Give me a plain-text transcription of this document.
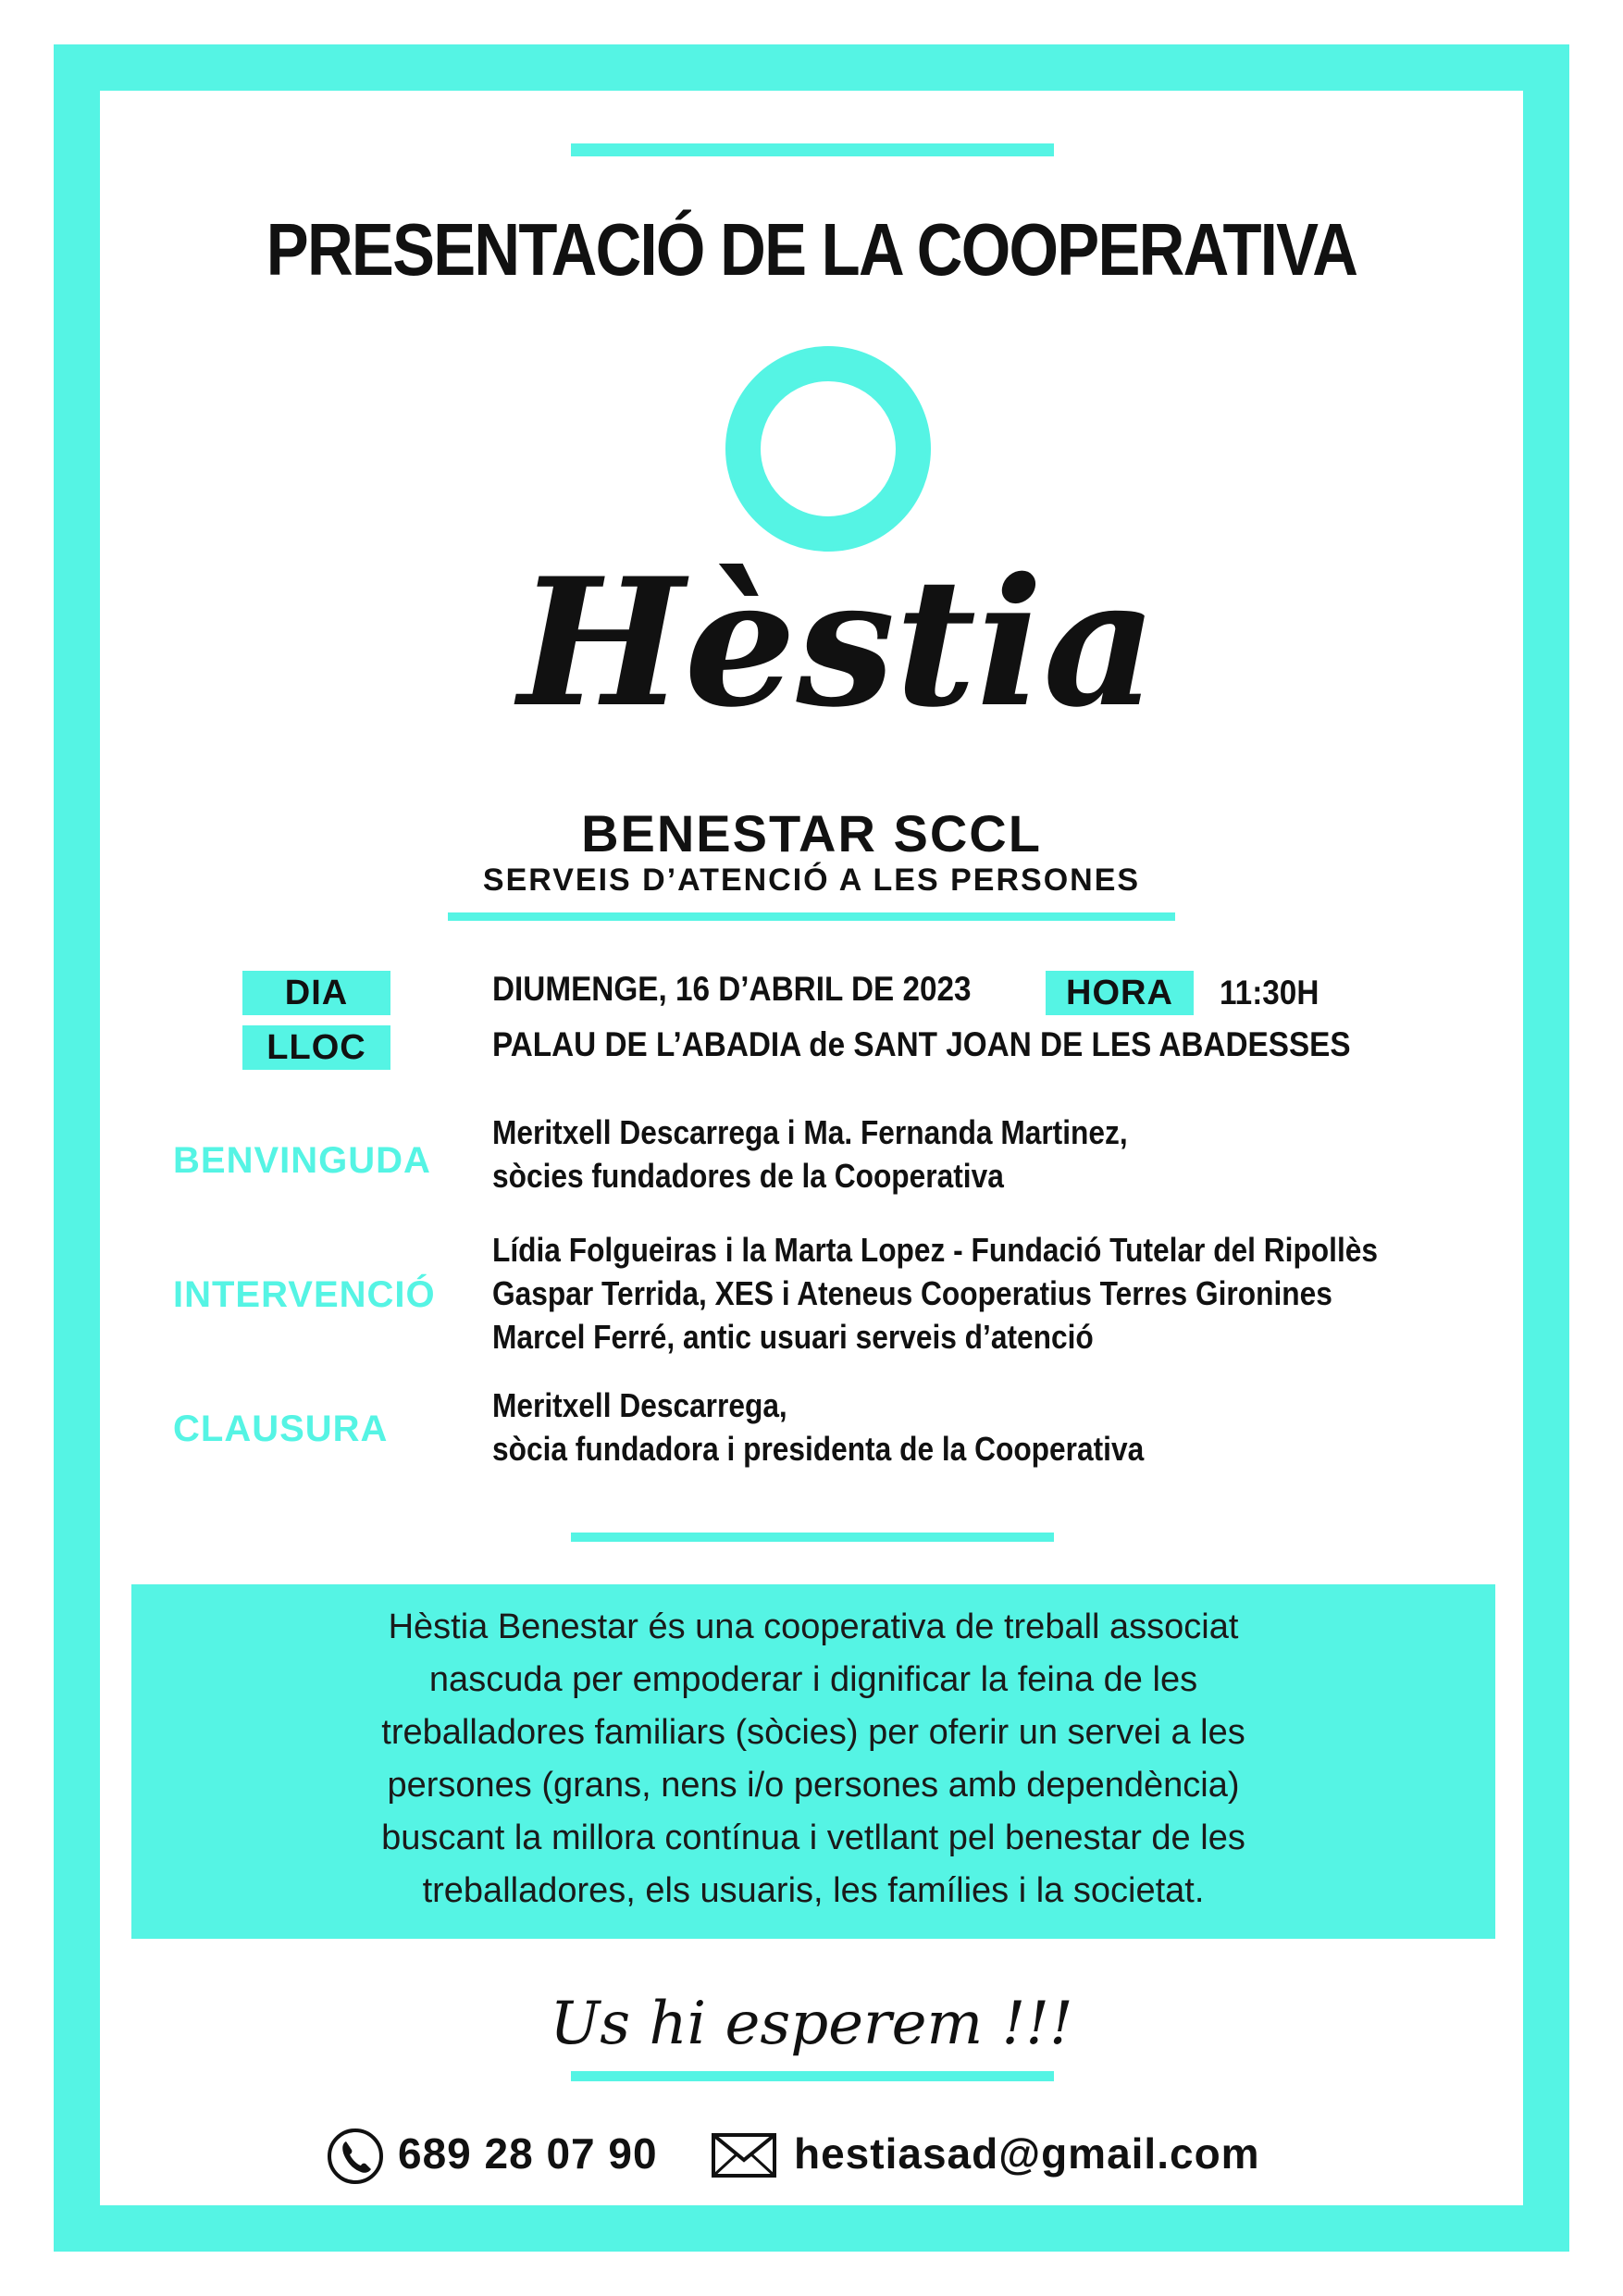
PRESENTACIÓ DE LA COOPERATIVA
Hèstia
BENESTAR SCCL
SERVEIS D’ATENCIÓ A LES PERSONES
DIA	DIUMENGE, 16 D’ABRIL DE 2023	HORA	11:30H
LLOC	PALAU DE L’ABADIA de SANT JOAN DE LES ABADESSES
BENVINGUDA
Meritxell Descarrega i Ma. Fernanda Martinez,
sòcies fundadores de la Cooperativa
INTERVENCIÓ
Lídia Folgueiras i la Marta Lopez - Fundació Tutelar del Ripollès
Gaspar Terrida, XES i Ateneus Cooperatius Terres Gironines
Marcel Ferré, antic usuari serveis d’atenció
CLAUSURA
Meritxell Descarrega,
sòcia fundadora i presidenta de la Cooperativa
Hèstia Benestar és una cooperativa de treball associat
nascuda per empoderar i dignificar la feina de les
treballadores familiars (sòcies) per oferir un servei a les
persones (grans, nens i/o persones amb dependència)
buscant la millora contínua i vetllant pel benestar de les
treballadores, els usuaris, les famílies i la societat.
Us hi esperem !!!
689 28 07 90	hestiasad@gmail.com
